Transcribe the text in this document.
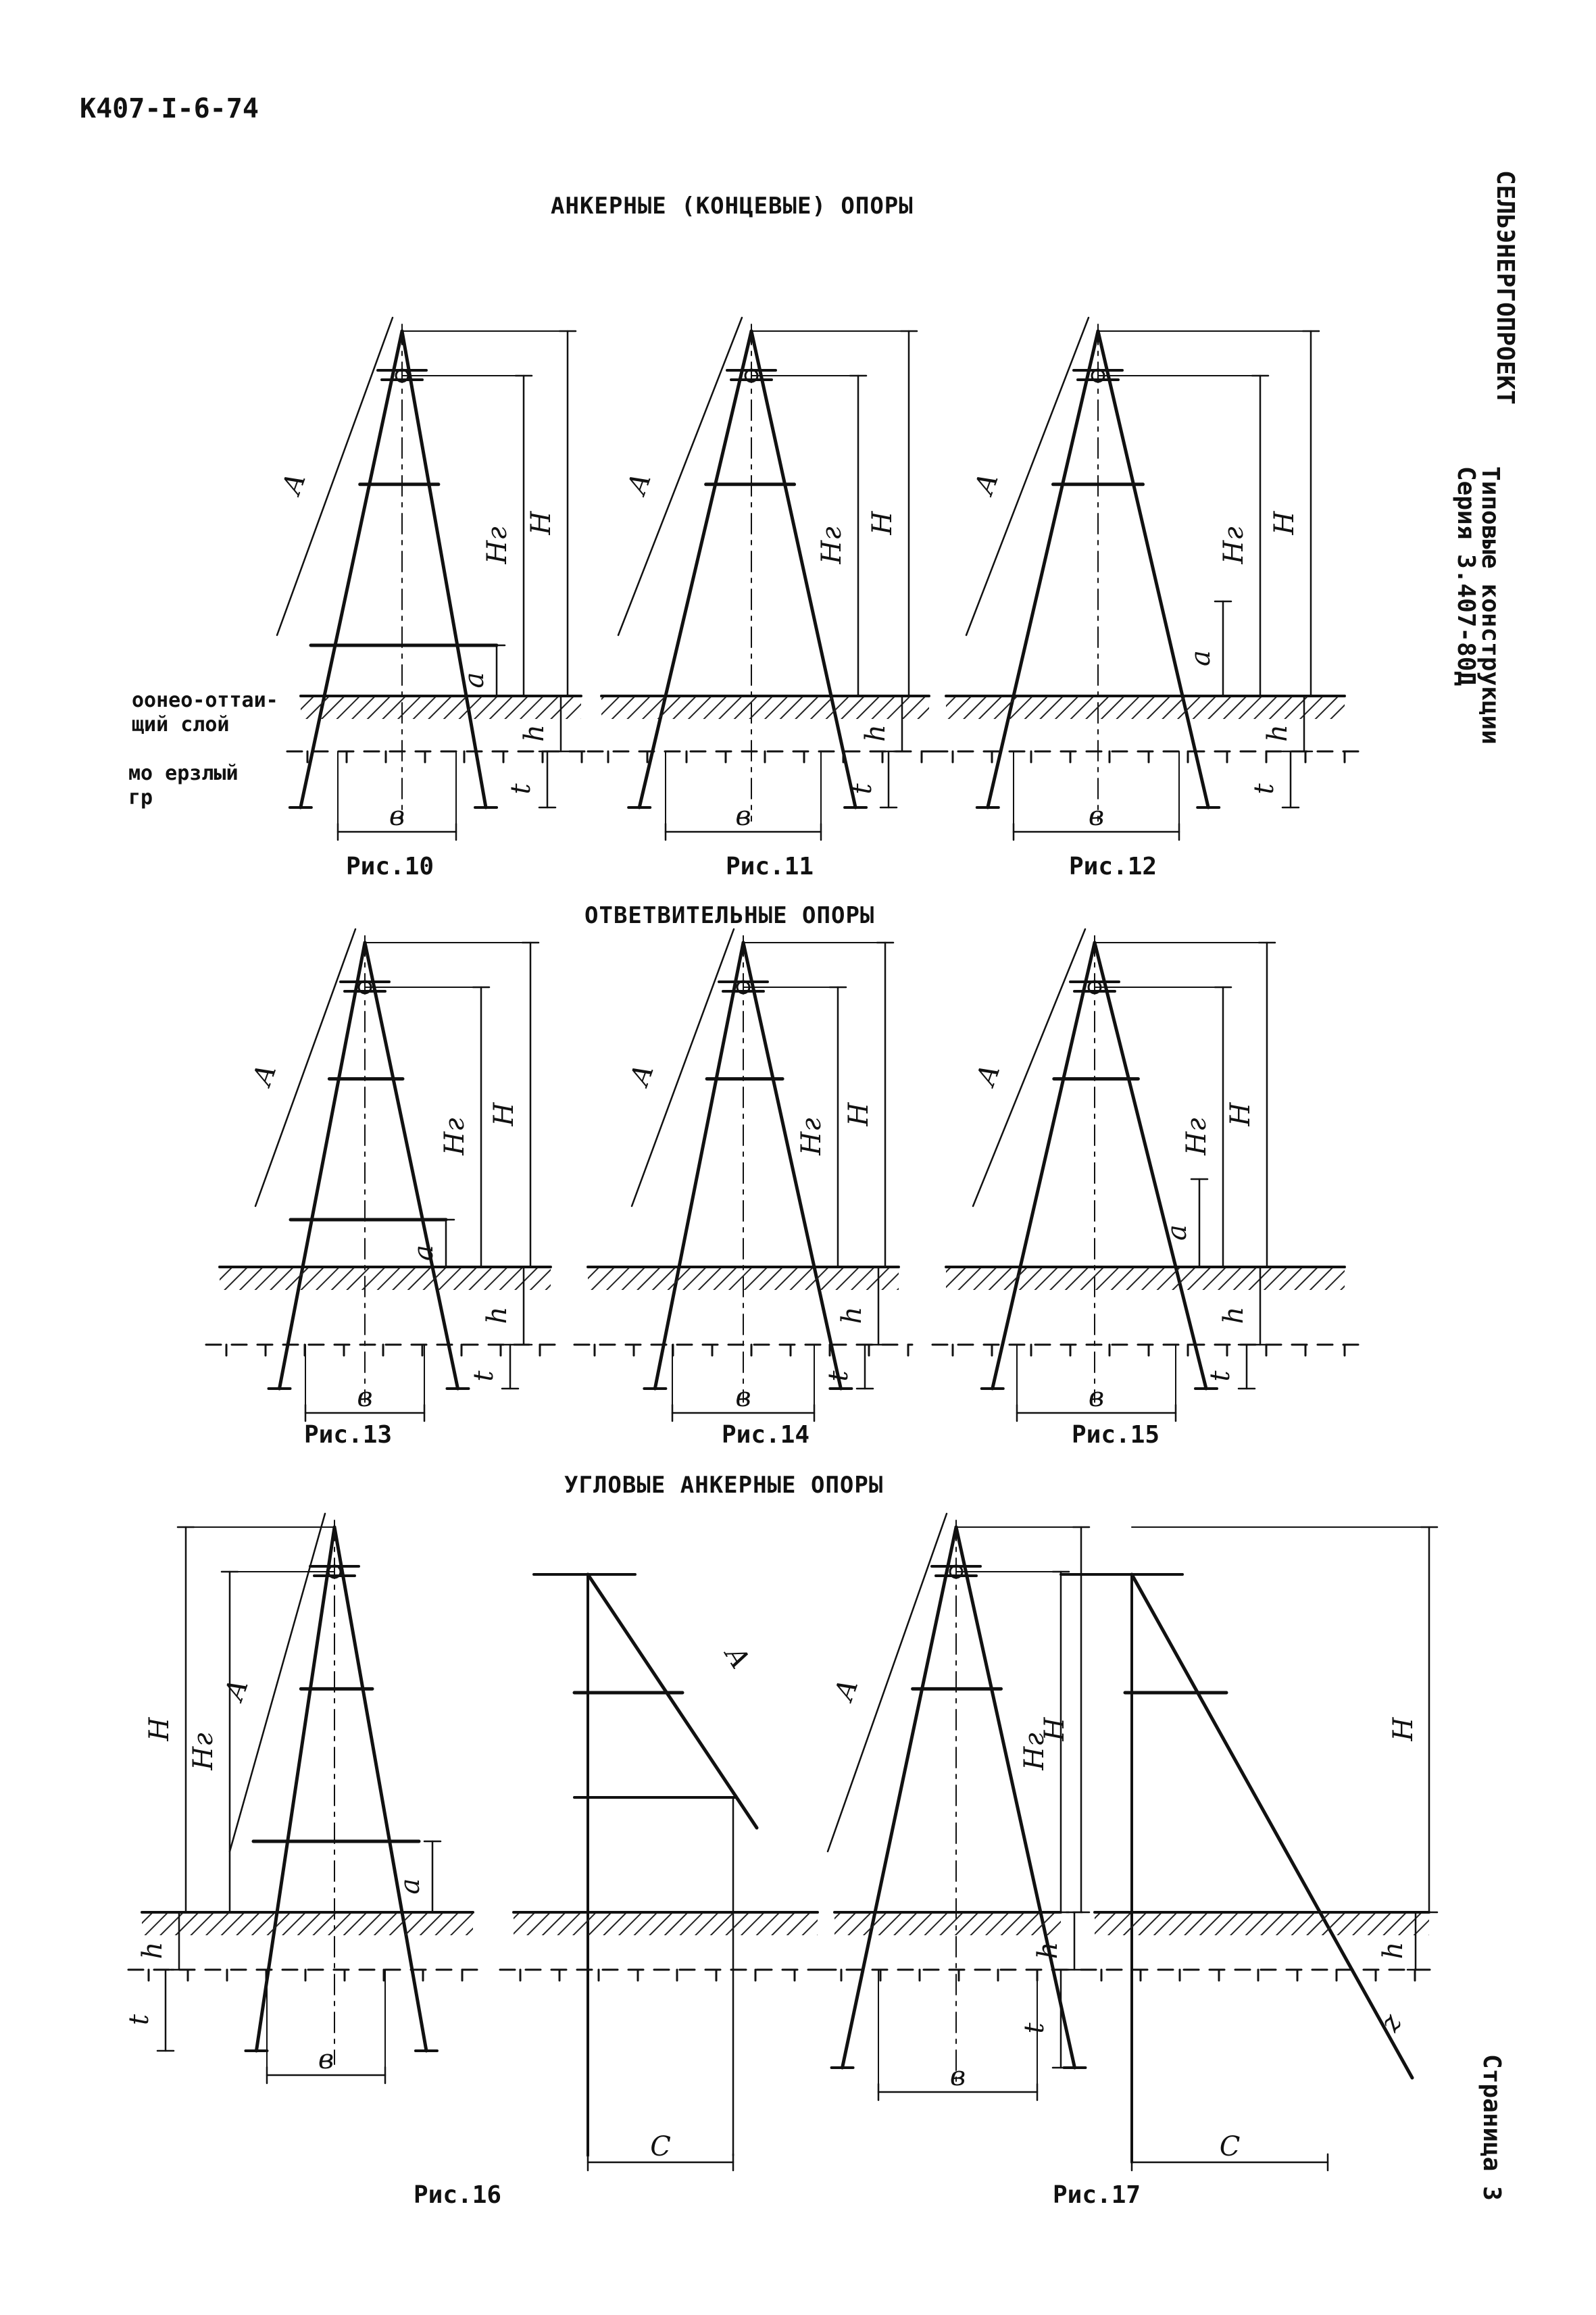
К407-I-6-74
АНКЕРНЫЕ (КОНЦЕВЫЕ) ОПОРЫ
ОТВЕТВИТЕЛЬНЫЕ ОПОРЫ
УГЛОВЫЕ АНКЕРНЫЕ ОПОРЫ
СЕЛЬЭНЕРГОПРОЕКТ
Типовые конструкции
Серия 3.407-80Д
Страница 3
оонео-оттаи-
щий слой
мо ерзлый
гр
Рис.10	Рис.11	Рис.12
Рис.13	Рис.14	Рис.15
Рис.16	Рис.17
H
Hг
A
h
t
в
a
H
Hг
A
h
t
в
H
Hг
A
h
t
в
a
H
Hг
A
h
t
в
a
H
Hг
A
h
t
в
H
Hг
A
h
t
в
a
H
Hг
A
h
t
в
a
С
A
H
Hг
A
h
t
в
С
H
h
z
